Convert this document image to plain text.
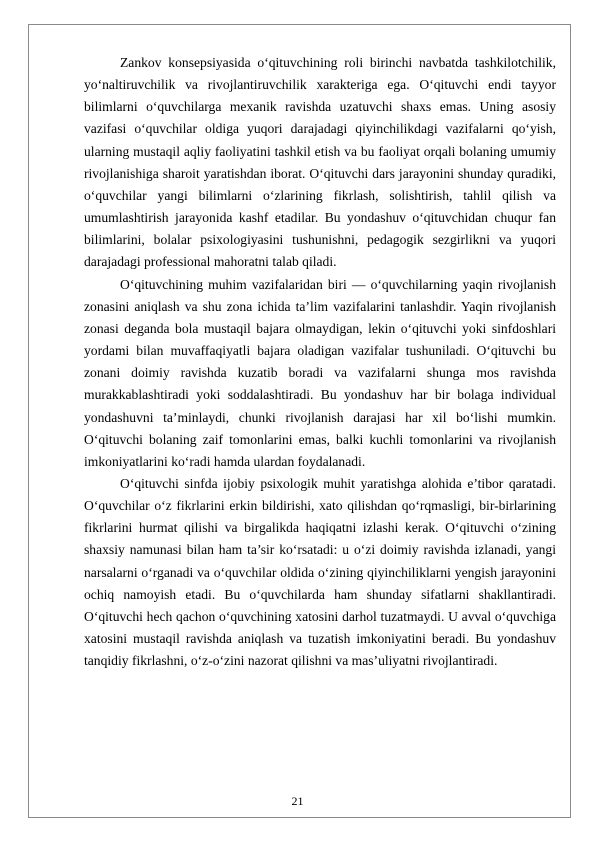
Zankov konsepsiyasida o‘qituvchining roli birinchi navbatda tashkilotchilik, yo‘naltiruvchilik va rivojlantiruvchilik xarakteriga ega. O‘qituvchi endi tayyor bilimlarni o‘quvchilarga mexanik ravishda uzatuvchi shaxs emas. Uning asosiy vazifasi o‘quvchilar oldiga yuqori darajadagi qiyinchilikdagi vazifalarni qo‘yish, ularning mustaqil aqliy faoliyatini tashkil etish va bu faoliyat orqali bolaning umumiy rivojlanishiga sharoit yaratishdan iborat. O‘qituvchi dars jarayonini shunday quradiki, o‘quvchilar yangi bilimlarni o‘zlarining fikrlash, solishtirish, tahlil qilish va umumlashtirish jarayonida kashf etadilar. Bu yondashuv o‘qituvchidan chuqur fan bilimlarini, bolalar psixologiyasini tushunishni, pedagogik sezgirlikni va yuqori darajadagi professional mahoratni talab qiladi.

O‘qituvchining muhim vazifalaridan biri — o‘quvchilarning yaqin rivojlanish zonasini aniqlash va shu zona ichida ta’lim vazifalarini tanlashdir. Yaqin rivojlanish zonasi deganda bola mustaqil bajara olmaydigan, lekin o‘qituvchi yoki sinfdoshlari yordami bilan muvaffaqiyatli bajara oladigan vazifalar tushuniladi. O‘qituvchi bu zonani doimiy ravishda kuzatib boradi va vazifalarni shunga mos ravishda murakkablashtiradi yoki soddalashtiradi. Bu yondashuv har bir bolaga individual yondashuvni ta’minlaydi, chunki rivojlanish darajasi har xil bo‘lishi mumkin. O‘qituvchi bolaning zaif tomonlarini emas, balki kuchli tomonlarini va rivojlanish imkoniyatlarini ko‘radi hamda ulardan foydalanadi.

O‘qituvchi sinfda ijobiy psixologik muhit yaratishga alohida e’tibor qaratadi. O‘quvchilar o‘z fikrlarini erkin bildirishi, xato qilishdan qo‘rqmasligi, bir-birlarining fikrlarini hurmat qilishi va birgalikda haqiqatni izlashi kerak. O‘qituvchi o‘zining shaxsiy namunasi bilan ham ta’sir ko‘rsatadi: u o‘zi doimiy ravishda izlanadi, yangi narsalarni o‘rganadi va o‘quvchilar oldida o‘zining qiyinchiliklarni yengish jarayonini ochiq namoyish etadi. Bu o‘quvchilarda ham shunday sifatlarni shakllantiradi. O‘qituvchi hech qachon o‘quvchining xatosini darhol tuzatmaydi. U avval o‘quvchiga xatosini mustaqil ravishda aniqlash va tuzatish imkoniyatini beradi. Bu yondashuv tanqidiy fikrlashni, o‘z-o‘zini nazorat qilishni va mas’uliyatni rivojlantiradi.

21
